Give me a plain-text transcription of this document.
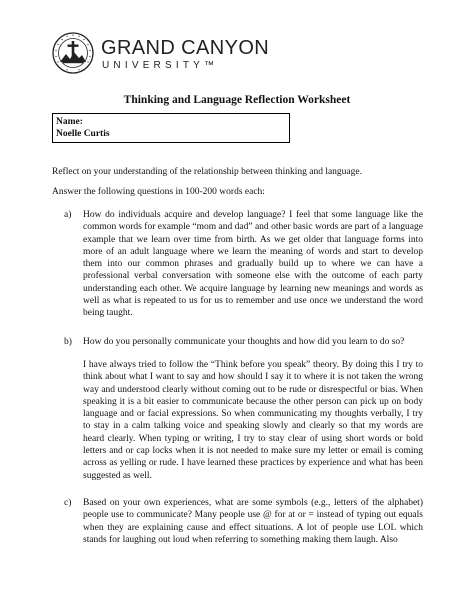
GRAND CANYON
UNIVERSITY™
Thinking and Language Reflection Worksheet
Name:
Noelle Curtis
Reflect on your understanding of the relationship between thinking and language.
Answer the following questions in 100-200 words each:
a) How do individuals acquire and develop language? I feel that some language like the common words for example “mom and dad” and other basic words are part of a language example that we learn over time from birth. As we get older that language forms into more of an adult language where we learn the meaning of words and start to develop them into our common phrases and gradually build up to where we can have a professional verbal conversation with someone else with the outcome of each party understanding each other. We acquire language by learning new meanings and words as well as what is repeated to us for us to remember and use once we understand the word being taught.
b) How do you personally communicate your thoughts and how did you learn to do so?
I have always tried to follow the “Think before you speak” theory. By doing this I try to think about what I want to say and how should I say it to where it is not taken the wrong way and understood clearly without coming out to be rude or disrespectful or bias. When speaking it is a bit easier to communicate because the other person can pick up on body language and or facial expressions. So when communicating my thoughts verbally, I try to stay in a calm talking voice and speaking slowly and clearly so that my words are heard clearly. When typing or writing, I try to stay clear of using short words or bold letters and or cap locks when it is not needed to make sure my letter or email is coming across as yelling or rude. I have learned these practices by experience and what has been suggested as well.
c) Based on your own experiences, what are some symbols (e.g., letters of the alphabet) people use to communicate? Many people use @ for at or = instead of typing out equals when they are explaining cause and effect situations. A lot of people use LOL which stands for laughing out loud when referring to something making them laugh. Also
